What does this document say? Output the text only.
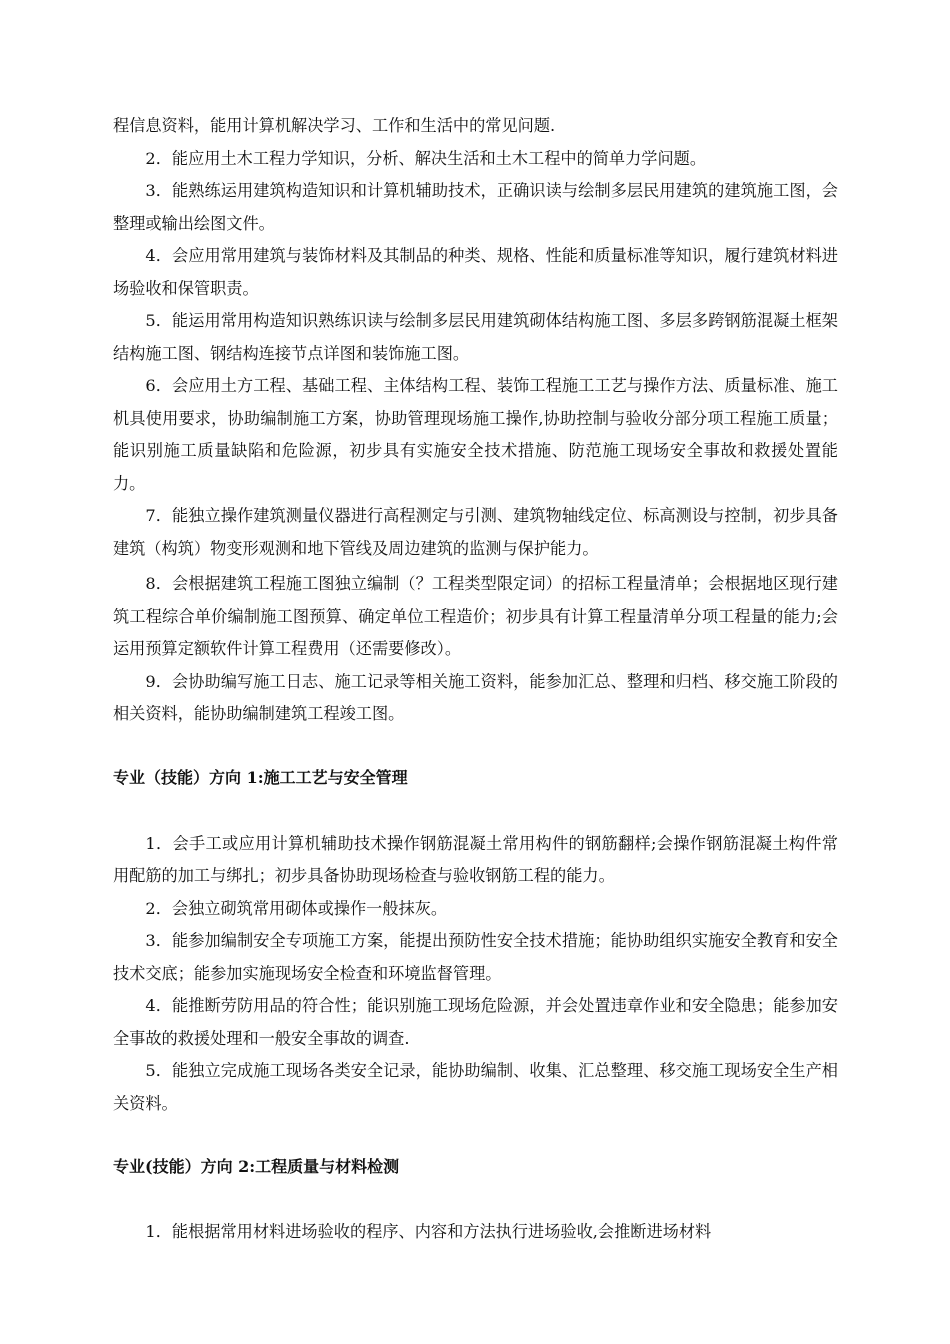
程信息资料，能用计算机解决学习、工作和生活中的常见问题.

2．能应用土木工程力学知识，分析、解决生活和土木工程中的简单力学问题。

3．能熟练运用建筑构造知识和计算机辅助技术，正确识读与绘制多层民用建筑的建筑施工图，会整理或输出绘图文件。

4．会应用常用建筑与装饰材料及其制品的种类、规格、性能和质量标准等知识，履行建筑材料进场验收和保管职责。

5．能运用常用构造知识熟练识读与绘制多层民用建筑砌体结构施工图、多层多跨钢筋混凝土框架结构施工图、钢结构连接节点详图和装饰施工图。

6．会应用土方工程、基础工程、主体结构工程、装饰工程施工工艺与操作方法、质量标准、施工机具使用要求，协助编制施工方案，协助管理现场施工操作,协助控制与验收分部分项工程施工质量；能识别施工质量缺陷和危险源，初步具有实施安全技术措施、防范施工现场安全事故和救援处置能力。

7．能独立操作建筑测量仪器进行高程测定与引测、建筑物轴线定位、标高测设与控制，初步具备建筑（构筑）物变形观测和地下管线及周边建筑的监测与保护能力。

8．会根据建筑工程施工图独立编制（？工程类型限定词）的招标工程量清单；会根据地区现行建筑工程综合单价编制施工图预算、确定单位工程造价；初步具有计算工程量清单分项工程量的能力;会运用预算定额软件计算工程费用（还需要修改）。

9．会协助编写施工日志、施工记录等相关施工资料，能参加汇总、整理和归档、移交施工阶段的相关资料，能协助编制建筑工程竣工图。

专业（技能）方向 1:施工工艺与安全管理

1．会手工或应用计算机辅助技术操作钢筋混凝土常用构件的钢筋翻样;会操作钢筋混凝土构件常用配筋的加工与绑扎；初步具备协助现场检查与验收钢筋工程的能力。

2．会独立砌筑常用砌体或操作一般抹灰。

3．能参加编制安全专项施工方案，能提出预防性安全技术措施；能协助组织实施安全教育和安全技术交底；能参加实施现场安全检查和环境监督管理。

4．能推断劳防用品的符合性；能识别施工现场危险源，并会处置违章作业和安全隐患；能参加安全事故的救援处理和一般安全事故的调查.

5．能独立完成施工现场各类安全记录，能协助编制、收集、汇总整理、移交施工现场安全生产相关资料。

专业(技能）方向 2:工程质量与材料检测

1．能根据常用材料进场验收的程序、内容和方法执行进场验收,会推断进场材料
